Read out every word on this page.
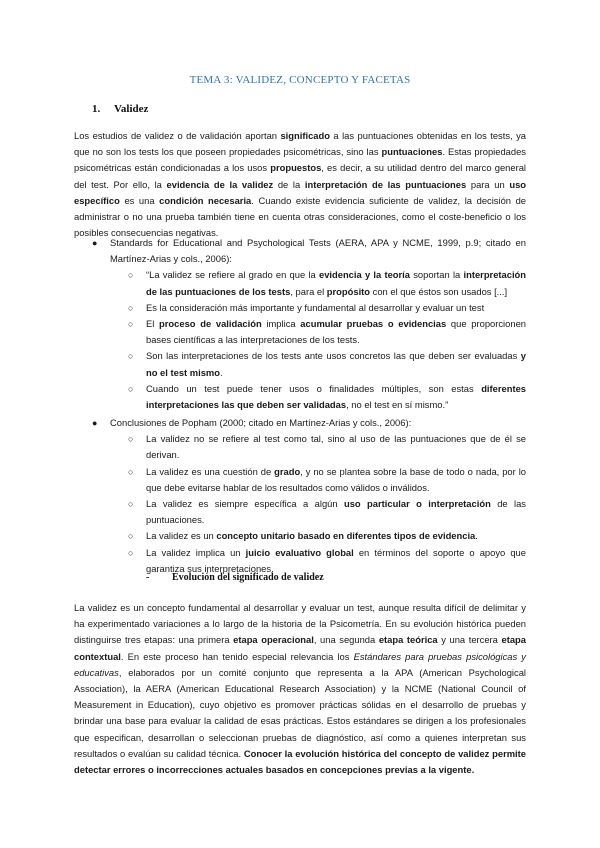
TEMA 3: VALIDEZ, CONCEPTO Y FACETAS
1. Validez
Los estudios de validez o de validación aportan significado a las puntuaciones obtenidas en los tests, ya que no son los tests los que poseen propiedades psicométricas, sino las puntuaciones. Estas propiedades psicométricas están condicionadas a los usos propuestos, es decir, a su utilidad dentro del marco general del test. Por ello, la evidencia de la validez de la interpretación de las puntuaciones para un uso específico es una condición necesaria. Cuando existe evidencia suficiente de validez, la decisión de administrar o no una prueba también tiene en cuenta otras consideraciones, como el coste-beneficio o los posibles consecuencias negativas.
● Standards for Educational and Psychological Tests (AERA, APA y NCME, 1999, p.9; citado en Martínez-Arias y cols., 2006):
○ “La validez se refiere al grado en que la evidencia y la teoría soportan la interpretación de las puntuaciones de los tests, para el propósito con el que éstos son usados [...]
○ Es la consideración más importante y fundamental al desarrollar y evaluar un test
○ El proceso de validación implica acumular pruebas o evidencias que proporcionen bases científicas a las interpretaciones de los tests.
○ Son las interpretaciones de los tests ante usos concretos las que deben ser evaluadas y no el test mismo.
○ Cuando un test puede tener usos o finalidades múltiples, son estas diferentes interpretaciones las que deben ser validadas, no el test en sí mismo.”
● Conclusiones de Popham (2000; citado en Martínez-Arias y cols., 2006):
○ La validez no se refiere al test como tal, sino al uso de las puntuaciones que de él se derivan.
○ La validez es una cuestión de grado, y no se plantea sobre la base de todo o nada, por lo que debe evitarse hablar de los resultados como válidos o inválidos.
○ La validez es siempre específica a algún uso particular o interpretación de las puntuaciones.
○ La validez es un concepto unitario basado en diferentes tipos de evidencia.
○ La validez implica un juicio evaluativo global en términos del soporte o apoyo que garantiza sus interpretaciones.
- Evolución del significado de validez
La validez es un concepto fundamental al desarrollar y evaluar un test, aunque resulta difícil de delimitar y ha experimentado variaciones a lo largo de la historia de la Psicometría. En su evolución histórica pueden distinguirse tres etapas: una primera etapa operacional, una segunda etapa teórica y una tercera etapa contextual. En este proceso han tenido especial relevancia los Estándares para pruebas psicológicas y educativas, elaborados por un comité conjunto que representa a la APA (American Psychological Association), la AERA (American Educational Research Association) y la NCME (National Council of Measurement in Education), cuyo objetivo es promover prácticas sólidas en el desarrollo de pruebas y brindar una base para evaluar la calidad de esas prácticas. Estos estándares se dirigen a los profesionales que especifican, desarrollan o seleccionan pruebas de diagnóstico, así como a quienes interpretan sus resultados o evalúan su calidad técnica. Conocer la evolución histórica del concepto de validez permite detectar errores o incorrecciones actuales basados en concepciones previas a la vigente.
